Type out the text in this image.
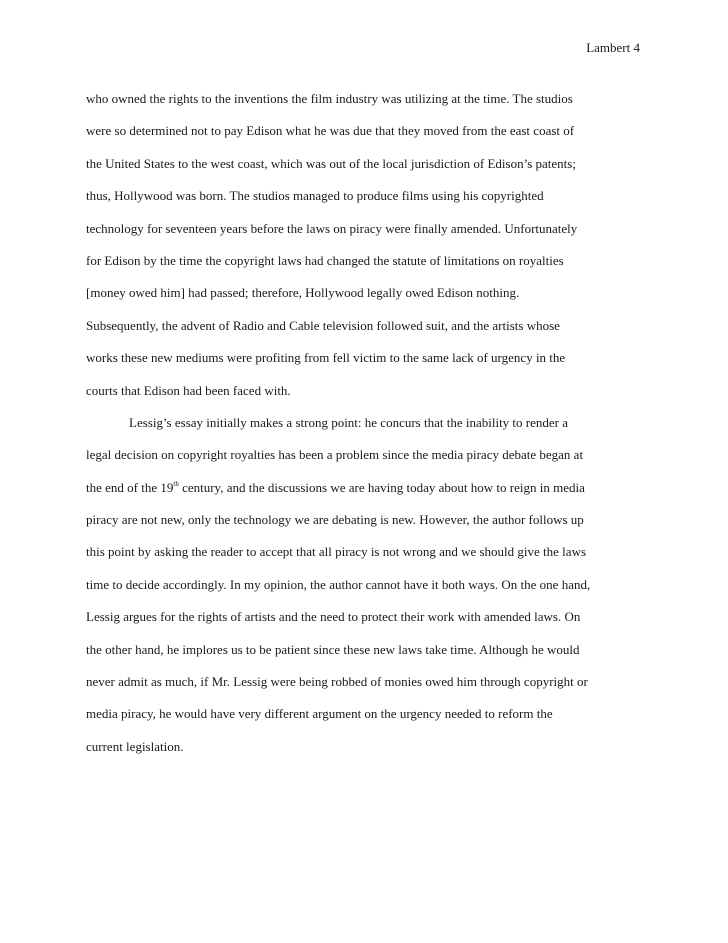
Lambert 4
who owned the rights to the inventions the film industry was utilizing at the time. The studios
were so determined not to pay Edison what he was due that they moved from the east coast of
the United States to the west coast, which was out of the local jurisdiction of Edison’s patents;
thus, Hollywood was born. The studios managed to produce films using his copyrighted
technology for seventeen years before the laws on piracy were finally amended. Unfortunately
for Edison by the time the copyright laws had changed the statute of limitations on royalties
[money owed him] had passed; therefore, Hollywood legally owed Edison nothing.
Subsequently, the advent of Radio and Cable television followed suit, and the artists whose
works these new mediums were profiting from fell victim to the same lack of urgency in the
courts that Edison had been faced with.
Lessig’s essay initially makes a strong point: he concurs that the inability to render a
legal decision on copyright royalties has been a problem since the media piracy debate began at
the end of the 19th century, and the discussions we are having today about how to reign in media
piracy are not new, only the technology we are debating is new. However, the author follows up
this point by asking the reader to accept that all piracy is not wrong and we should give the laws
time to decide accordingly. In my opinion, the author cannot have it both ways. On the one hand,
Lessig argues for the rights of artists and the need to protect their work with amended laws. On
the other hand, he implores us to be patient since these new laws take time. Although he would
never admit as much, if Mr. Lessig were being robbed of monies owed him through copyright or
media piracy, he would have very different argument on the urgency needed to reform the
current legislation.
